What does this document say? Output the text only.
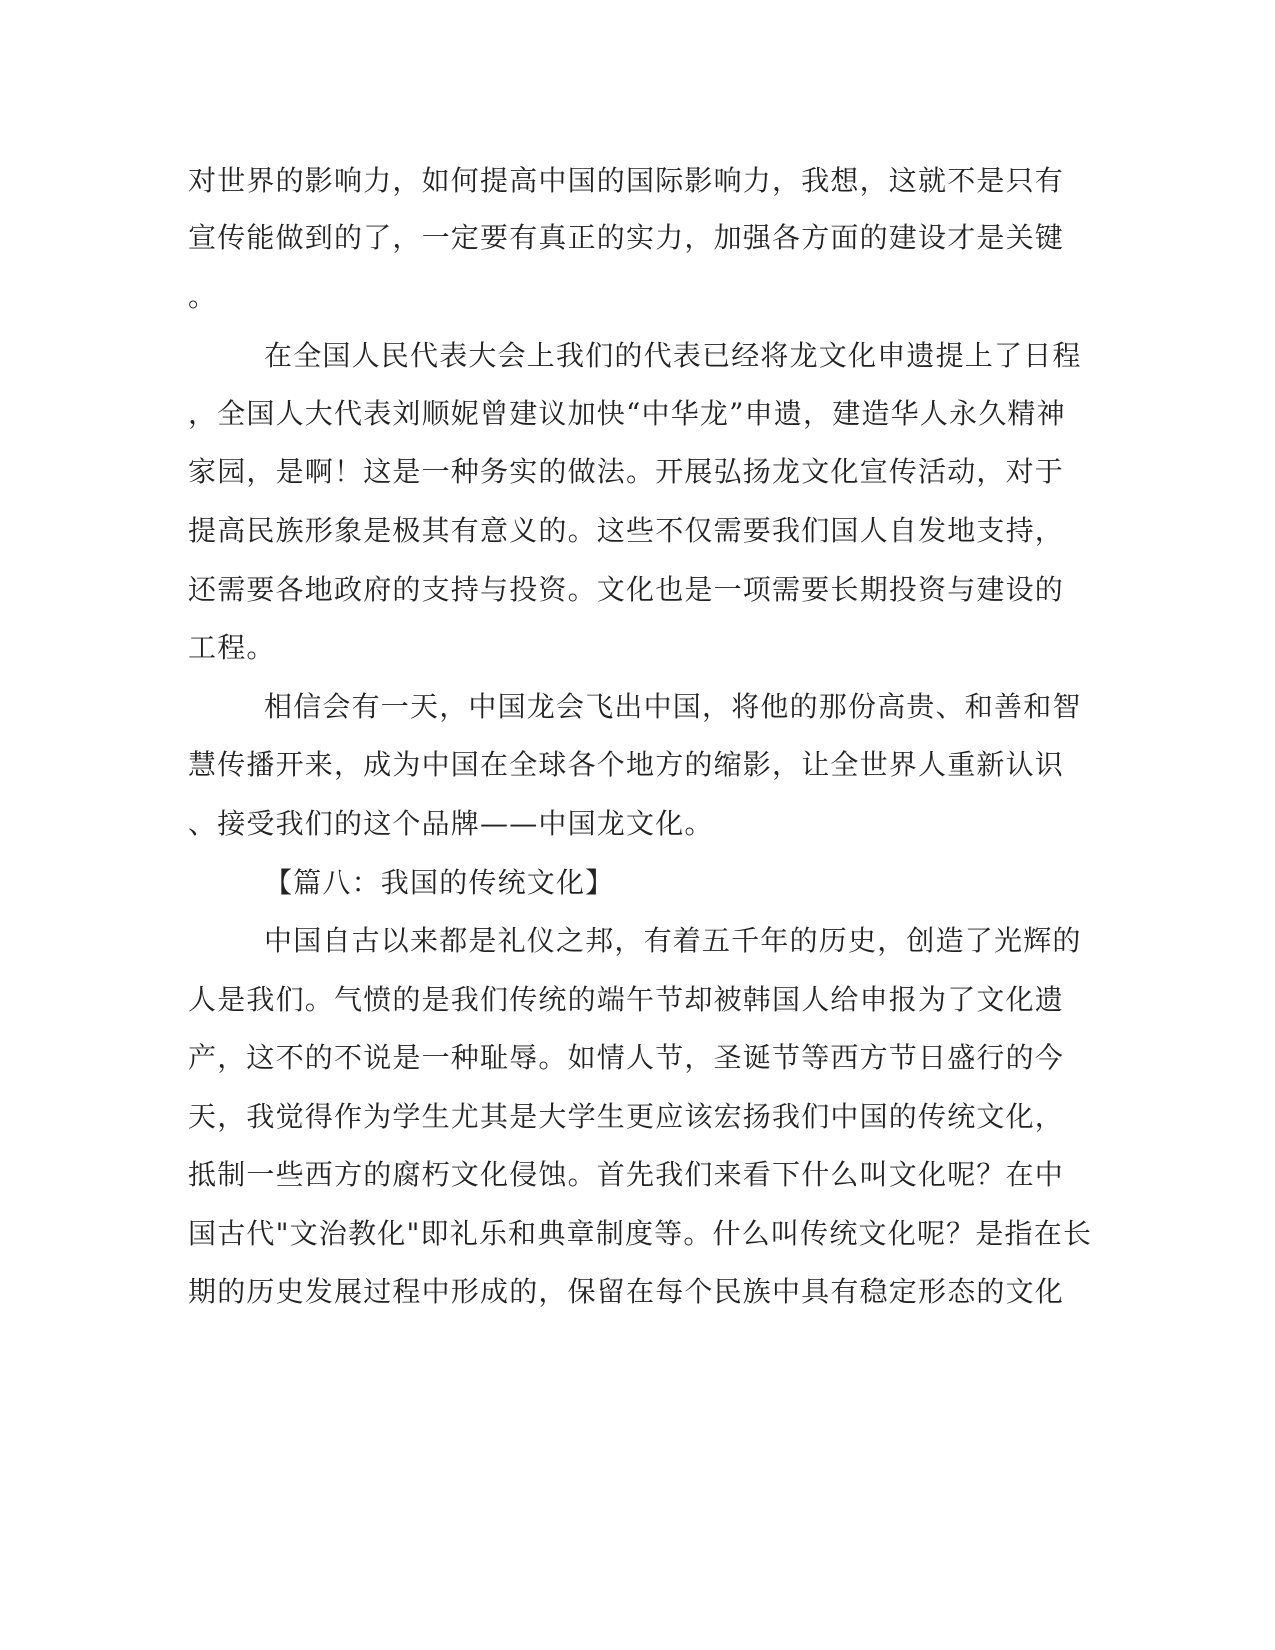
对世界的影响力，如何提高中国的国际影响力，我想，这就不是只有
宣传能做到的了，一定要有真正的实力，加强各方面的建设才是关键
。
在全国人民代表大会上我们的代表已经将龙文化申遗提上了日程
，全国人大代表刘顺妮曾建议加快“中华龙”申遗，建造华人永久精神
家园，是啊！这是一种务实的做法。开展弘扬龙文化宣传活动，对于
提高民族形象是极其有意义的。这些不仅需要我们国人自发地支持，
还需要各地政府的支持与投资。文化也是一项需要长期投资与建设的
工程。
相信会有一天，中国龙会飞出中国，将他的那份高贵、和善和智
慧传播开来，成为中国在全球各个地方的缩影，让全世界人重新认识
、接受我们的这个品牌——中国龙文化。
【篇八：我国的传统文化】
中国自古以来都是礼仪之邦，有着五千年的历史，创造了光辉的
人是我们。气愤的是我们传统的端午节却被韩国人给申报为了文化遗
产，这不的不说是一种耻辱。如情人节，圣诞节等西方节日盛行的今
天，我觉得作为学生尤其是大学生更应该宏扬我们中国的传统文化，
抵制一些西方的腐朽文化侵蚀。首先我们来看下什么叫文化呢？在中
国古代"文治教化"即礼乐和典章制度等。什么叫传统文化呢？是指在长
期的历史发展过程中形成的，保留在每个民族中具有稳定形态的文化
